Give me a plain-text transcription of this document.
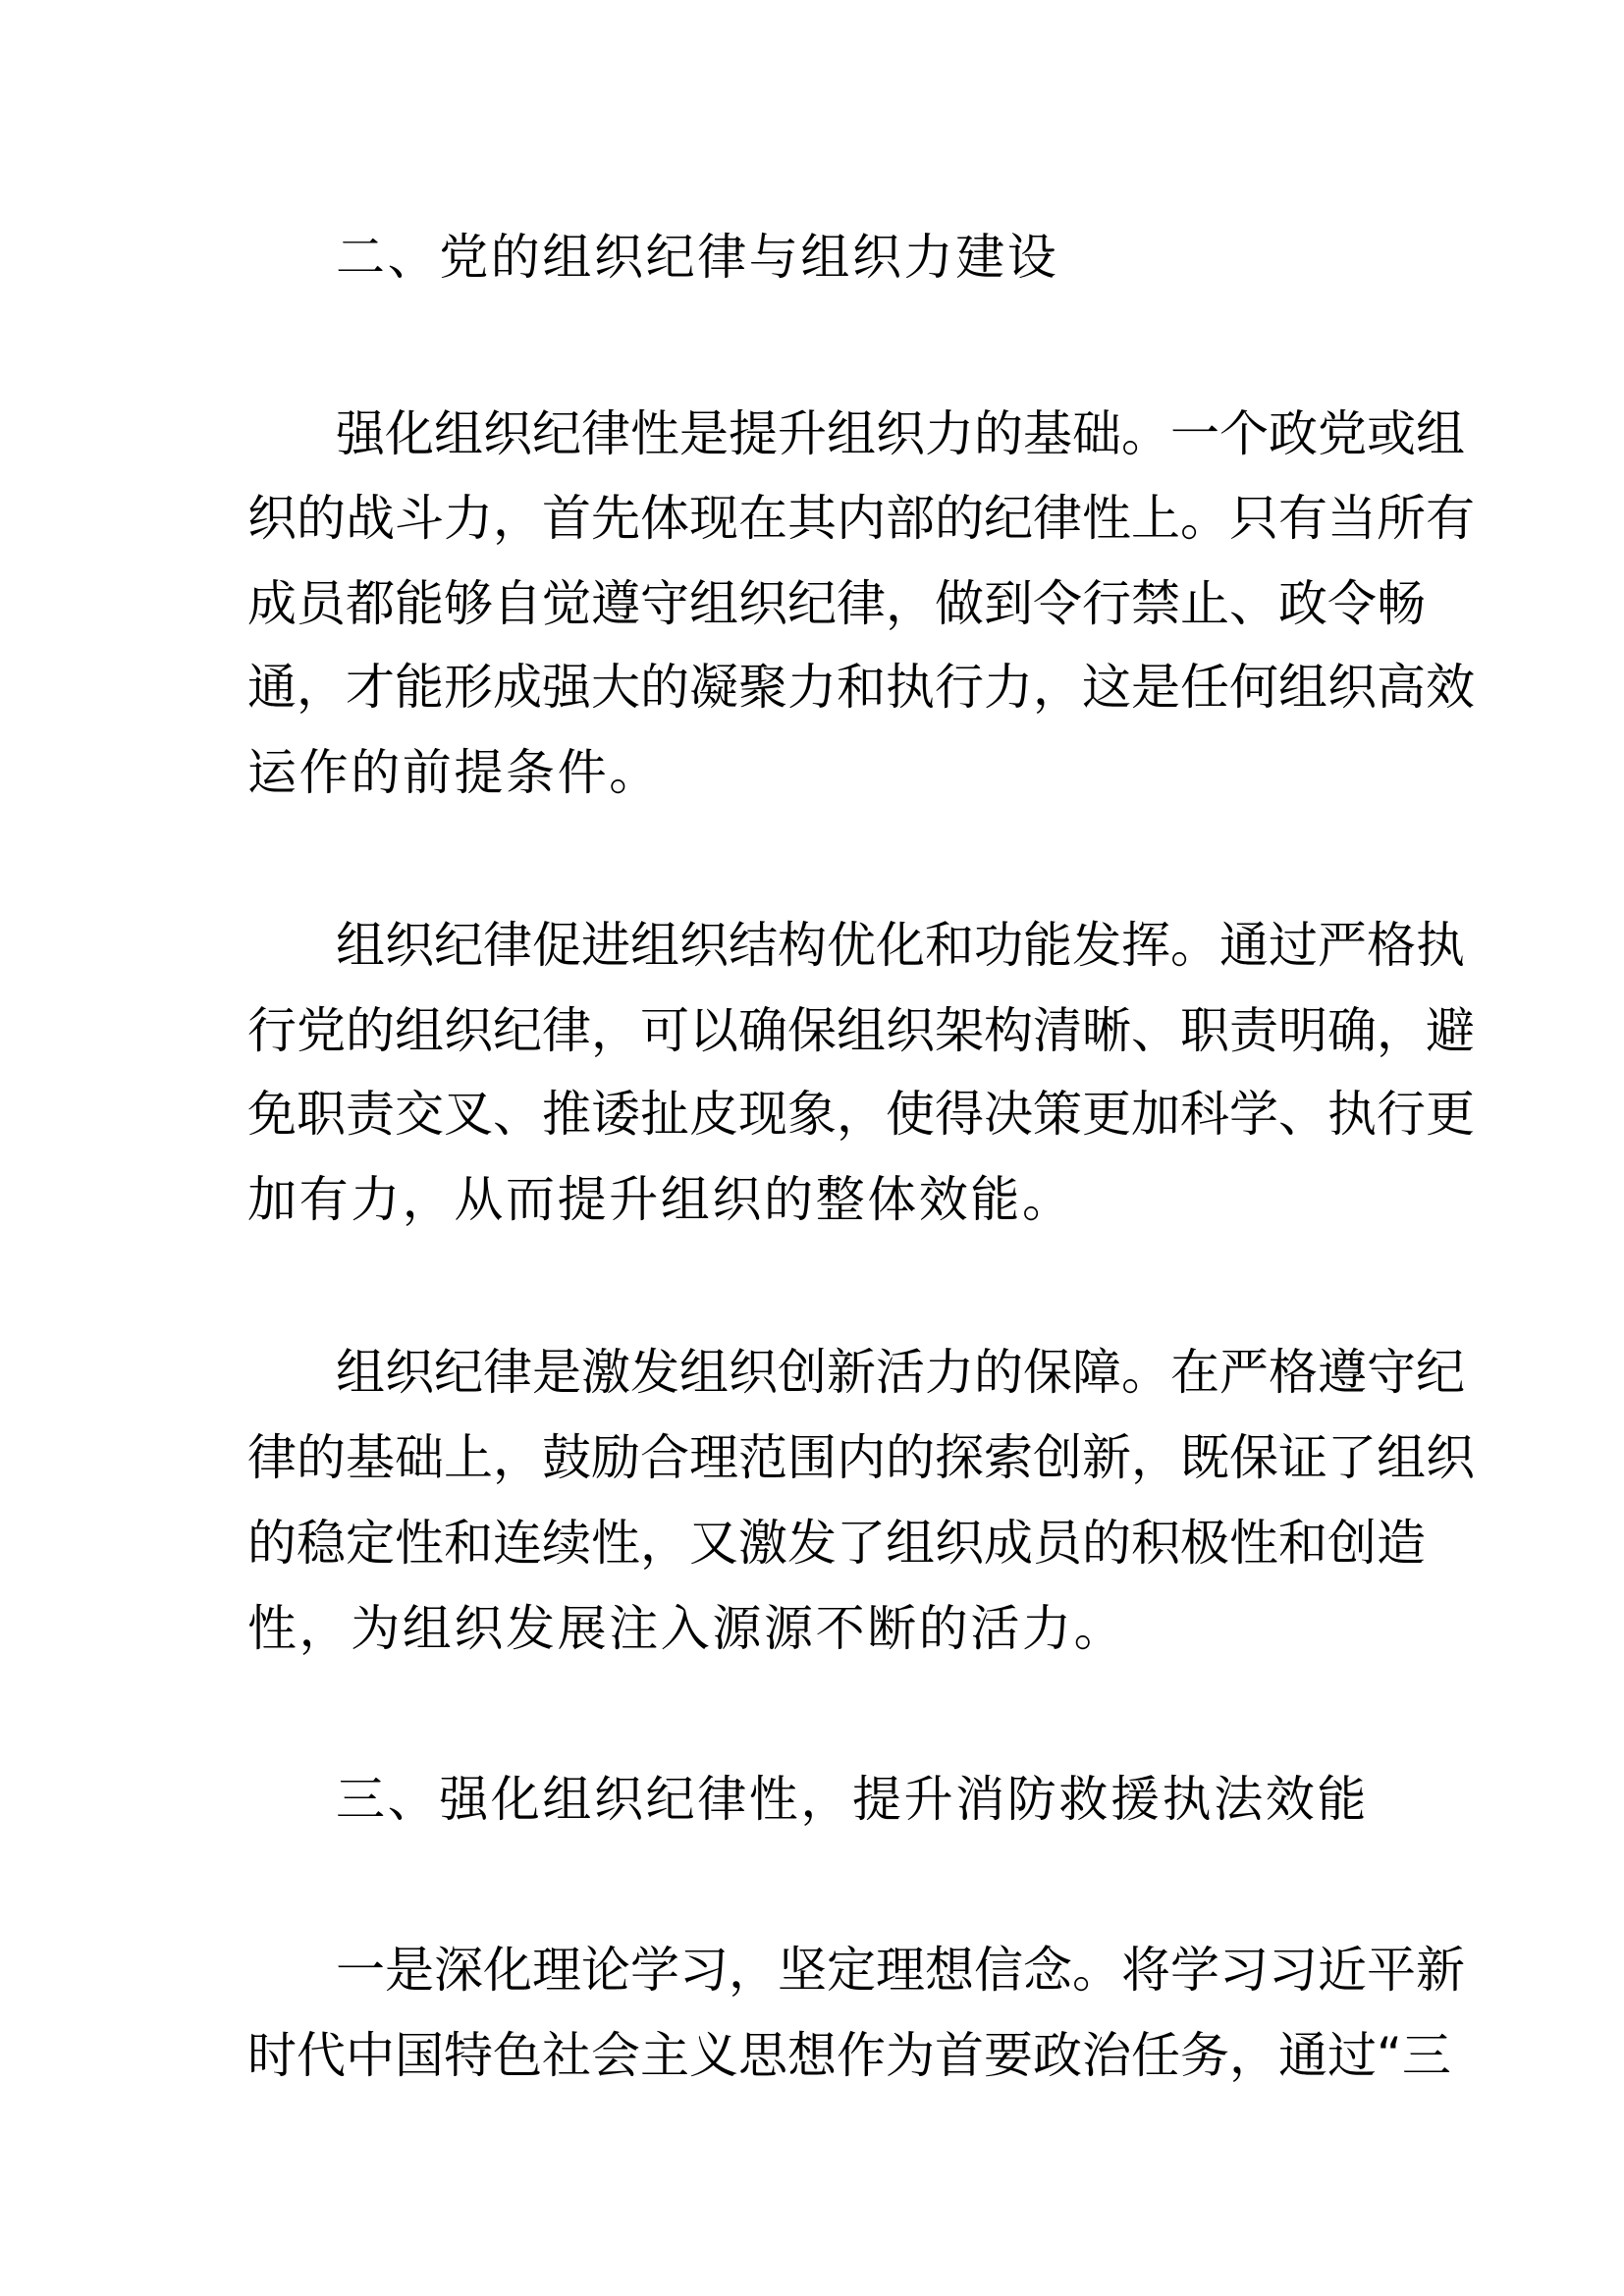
二、党的组织纪律与组织力建设
强化组织纪律性是提升组织力的基础。一个政党或组
织的战斗力，首先体现在其内部的纪律性上。只有当所有
成员都能够自觉遵守组织纪律，做到令行禁止、政令畅
通，才能形成强大的凝聚力和执行力，这是任何组织高效
运作的前提条件。
组织纪律促进组织结构优化和功能发挥。通过严格执
行党的组织纪律，可以确保组织架构清晰、职责明确，避
免职责交叉、推诿扯皮现象，使得决策更加科学、执行更
加有力，从而提升组织的整体效能。
组织纪律是激发组织创新活力的保障。在严格遵守纪
律的基础上，鼓励合理范围内的探索创新，既保证了组织
的稳定性和连续性，又激发了组织成员的积极性和创造
性，为组织发展注入源源不断的活力。
三、强化组织纪律性，提升消防救援执法效能
一是深化理论学习，坚定理想信念。将学习习近平新
时代中国特色社会主义思想作为首要政治任务，通过“三
